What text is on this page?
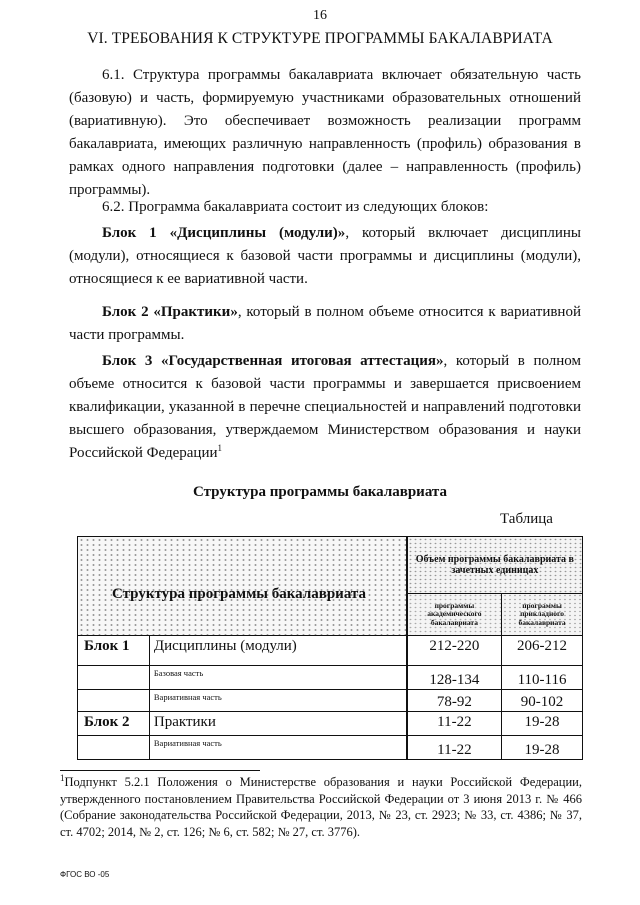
16
VI. ТРЕБОВАНИЯ К СТРУКТУРЕ ПРОГРАММЫ БАКАЛАВРИАТА

6.1. Структура программы бакалавриата включает обязательную часть (базовую) и часть, формируемую участниками образовательных отношений (вариативную). Это обеспечивает возможность реализации программ бакалавриата, имеющих различную направленность (профиль) образования в рамках одного направления подготовки (далее – направленность (профиль) программы).

6.2. Программа бакалавриата состоит из следующих блоков:

Блок 1 «Дисциплины (модули)», который включает дисциплины (модули), относящиеся к базовой части программы и дисциплины (модули), относящиеся к ее вариативной части.

Блок 2 «Практики», который в полном объеме относится к вариативной части программы.

Блок 3 «Государственная итоговая аттестация», который в полном объеме относится к базовой части программы и завершается присвоением квалификации, указанной в перечне специальностей и направлений подготовки высшего образования, утверждаемом Министерством образования и науки Российской Федерации$^1$

Структура программы бакалавриата
Таблица
Структура программы бакалавриата		Объем программы бакалавриата в зачетных единицах	
		программы академического бакалавриата	программы прикладного бакалавриата
Блок 1	Дисциплины (модули)	212-220	206-212
	Базовая часть	128-134	110-116
	Вариативная часть	78-92	90-102
Блок 2	Практики	11-22	19-28
	Вариативная часть	11-22	19-28

$^1$Подпункт 5.2.1 Положения о Министерстве образования и науки Российской Федерации, утвержденного постановлением Правительства Российской Федерации от 3 июня 2013 г. № 466 (Собрание законодательства Российской Федерации, 2013, № 23, ст. 2923; № 33, ст. 4386; № 37, ст. 4702; 2014, № 2, ст. 126; № 6, ст. 582; № 27, ст. 3776).

ФГОС ВО -05
